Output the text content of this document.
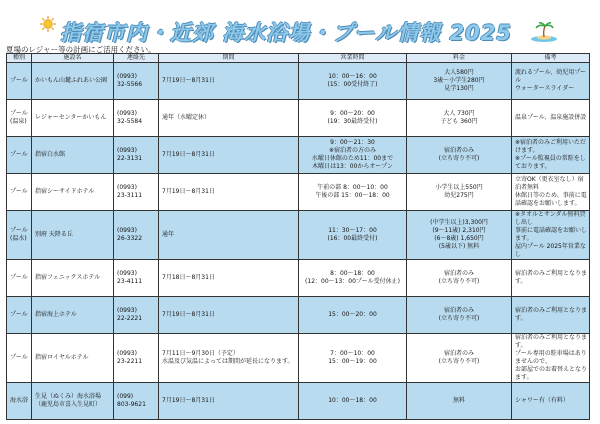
指宿市内・近郊 海水浴場・プール情報 2025
夏場のレジャー等の計画にご活用ください。
種別	施設名	連絡先	期間	営業時間	料金	備考
プール	かいもん山麓ふれあい公園	(0993)
32-5566	7月19日～8月31日	10：00～16：00
(15：00受付終了)	大人580円
3歳～小学生280円
見学130円	流れるプール、幼児用プール
ウォータースライダー
プール
(温泉)	レジャーセンターかいもん	(0993)
32-5584	通年（水曜定休）	9：00～20：00
(19：30最終受付)	大人 730円
子ども 360円	温泉プール、温泉施設併設
プール	指宿白水館	(0993)
22-3131	7月19日～8月31日	9：00～21：30
※宿泊者の方のみ
水曜日休館のため11：00まで
木曜日は13：00からオープン	宿泊者のみ
(立ち寄り不可)	※宿泊者のみご利用いただけます。
※プール監視員の常駐をしております。
プール	指宿シーサイドホテル	(0993)
23-3111	7月19日～8月31日	午前の部 8：00～10：00
午後の部 15：00～18：00	小学生以上550円
幼児275円	立寄OK（更衣室なし）宿泊者無料
休館日等のため、事前に電話確認をお願いします。
プール
(温水)	別府 天降る丘	(0993)
26-3322	通年	11：30～17：00
(16：00最終受付)	(中学生以上)3,300円
(9～11歳) 2,310円
(6～8歳) 1,650円
(5歳以下) 無料	※タオルとサンダル無料貸し出し
事前に電話確認をお願いします。
屋内プール 2025年営業なし
プール	指宿フェニックスホテル	(0993)
23-4111	7月18日～8月31日	8：00～18：00
(12：00～13：00プール受付休止)	宿泊者のみ
(立ち寄り不可)	宿泊者のみご利用となります。
プール	指宿海上ホテル	(0993)
22-2221	7月19日～8月31日	15：00～20：00	宿泊者のみ
(立ち寄り不可)	宿泊者のみご利用となります。
プール	指宿ロイヤルホテル	(0993)
23-2211	7月11日～9月30日（予定）
水温及び気温によっては期間が延長になります。	7：00～10：00
15：00～19：00	宿泊者のみ
(立ち寄り不可)	宿泊者のみご利用となります。
プール専用の駐車場はありませんので、
お部屋でのお着替えとなります。
海水浴	生見（ぬくみ）海水浴場
（鹿児島市喜入生見町）	(099)
803-9621	7月19日～8月31日	10：00～18：00	無料	シャワー有（有料）
